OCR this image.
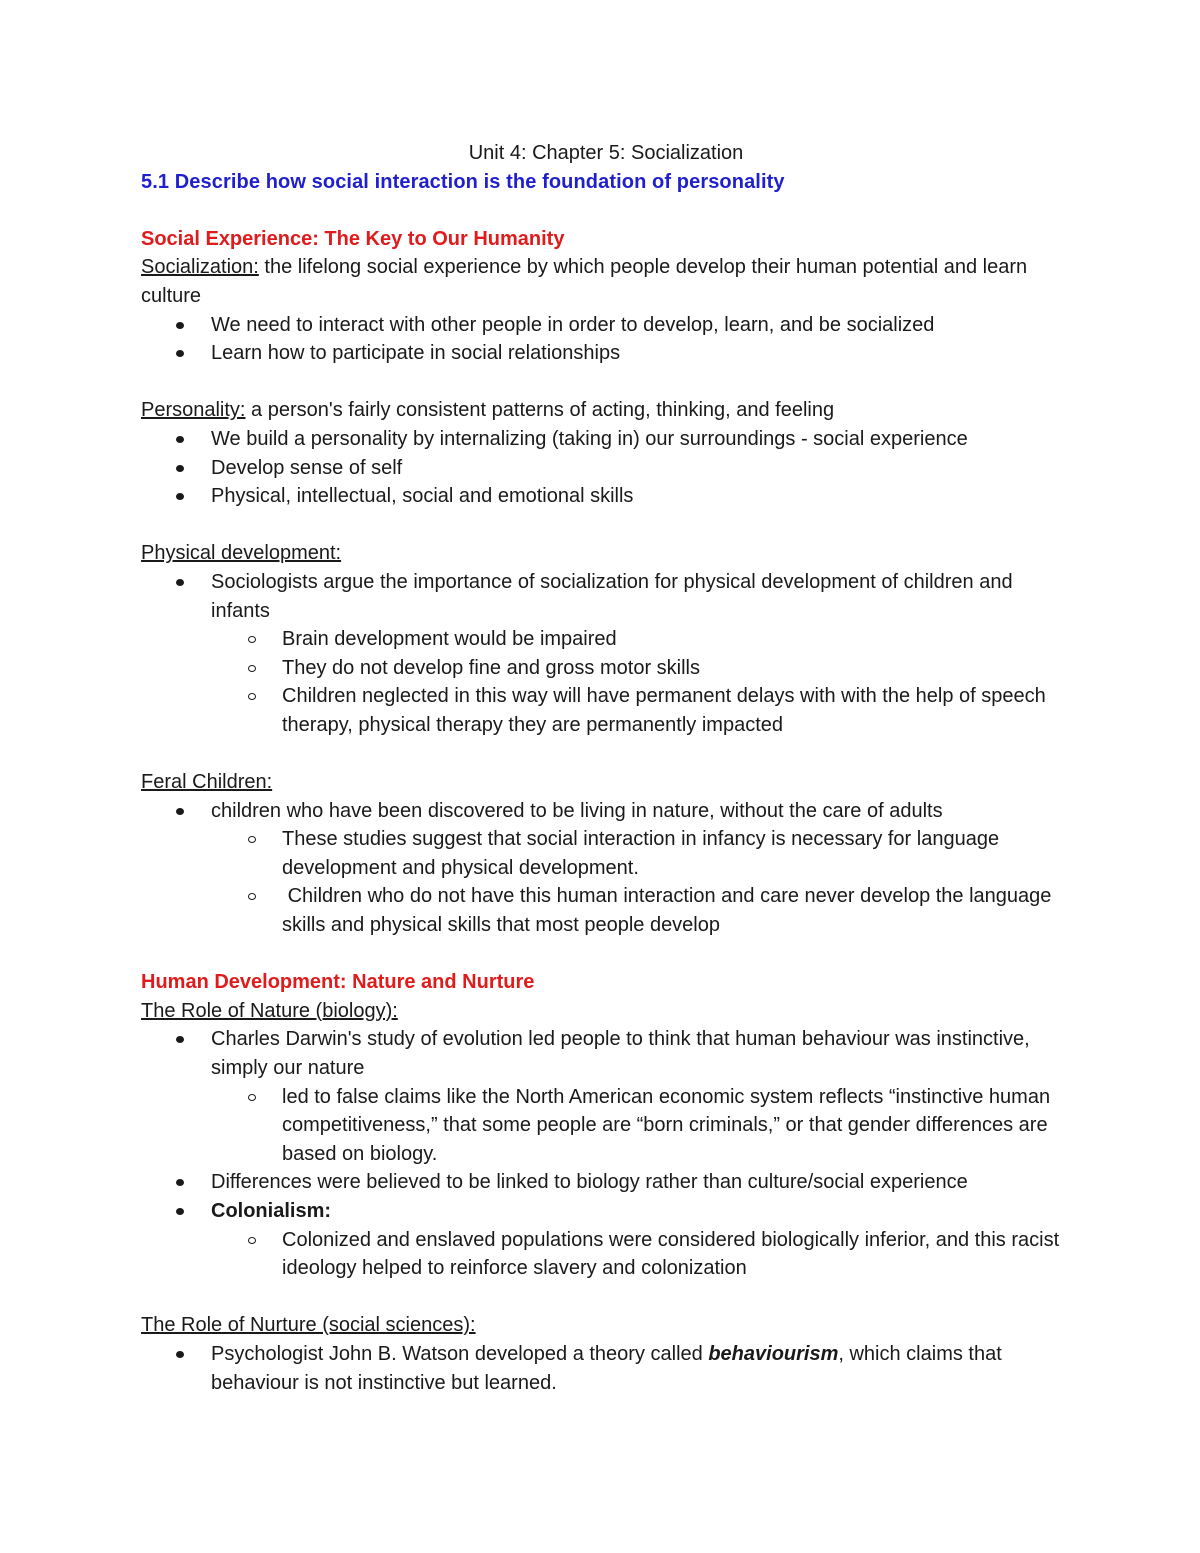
Unit 4: Chapter 5: Socialization

5.1 Describe how social interaction is the foundation of personality

Social Experience: The Key to Our Humanity

Socialization: the lifelong social experience by which people develop their human potential and learn culture

We need to interact with other people in order to develop, learn, and be socialized
Learn how to participate in social relationships

Personality: a person's fairly consistent patterns of acting, thinking, and feeling

We build a personality by internalizing (taking in) our surroundings - social experience
Develop sense of self
Physical, intellectual, social and emotional skills

Physical development:

Sociologists argue the importance of socialization for physical development of children and infants
Brain development would be impaired
They do not develop fine and gross motor skills
Children neglected in this way will have permanent delays with with the help of speech therapy, physical therapy they are permanently impacted

Feral Children:

children who have been discovered to be living in nature, without the care of adults
These studies suggest that social interaction in infancy is necessary for language development and physical development.
Children who do not have this human interaction and care never develop the language skills and physical skills that most people develop

Human Development: Nature and Nurture

The Role of Nature (biology):

Charles Darwin's study of evolution led people to think that human behaviour was instinctive, simply our nature
led to false claims like the North American economic system reflects “instinctive human competitiveness,” that some people are “born criminals,” or that gender differences are based on biology.
Differences were believed to be linked to biology rather than culture/social experience
Colonialism:
Colonized and enslaved populations were considered biologically inferior, and this racist ideology helped to reinforce slavery and colonization

The Role of Nurture (social sciences):

Psychologist John B. Watson developed a theory called behaviourism, which claims that behaviour is not instinctive but learned.
